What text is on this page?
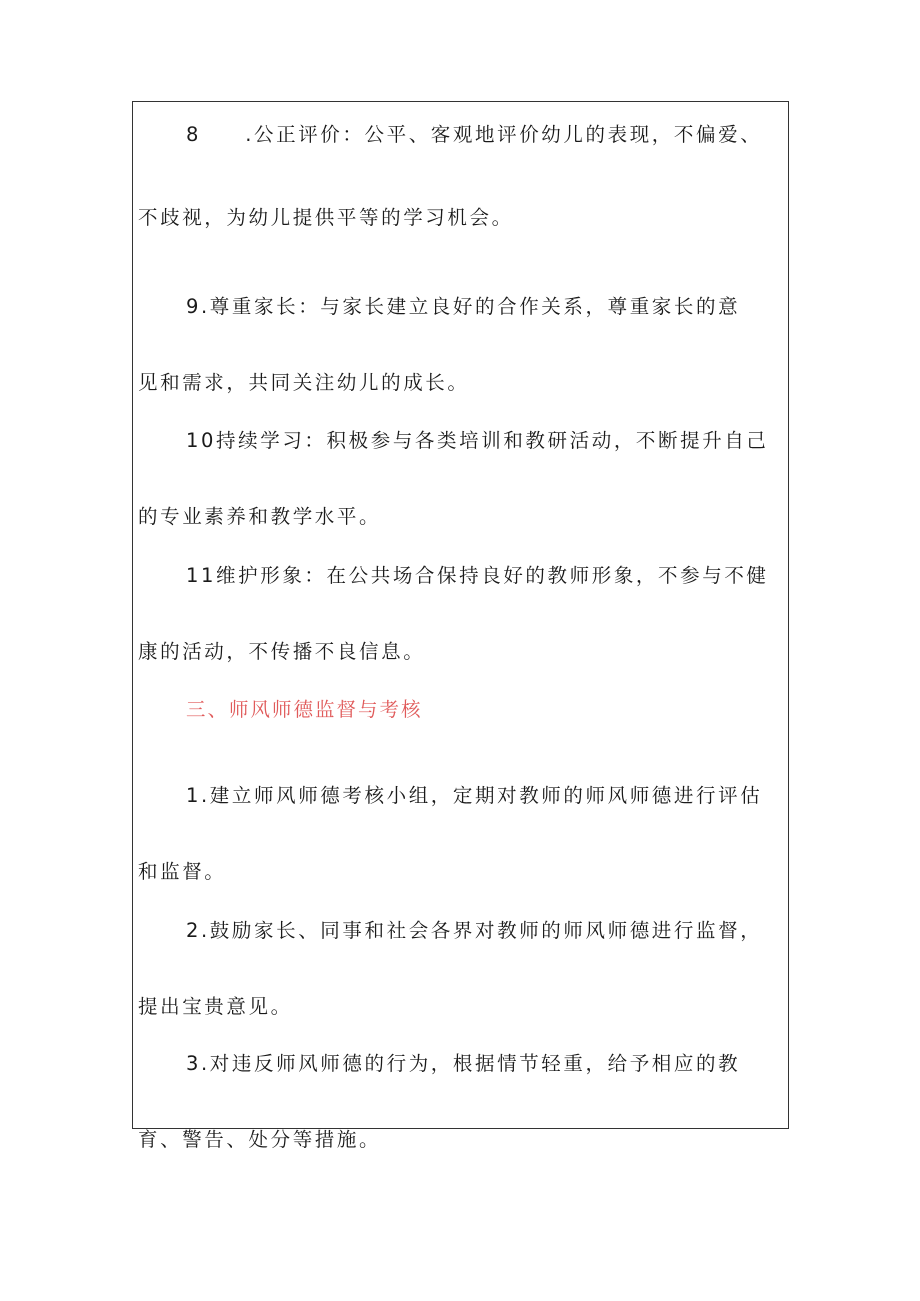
8　　.公正评价：公平、客观地评价幼儿的表现，不偏爱、
不歧视，为幼儿提供平等的学习机会。

9.尊重家长：与家长建立良好的合作关系，尊重家长的意
见和需求，共同关注幼儿的成长。

10持续学习：积极参与各类培训和教研活动，不断提升自己
的专业素养和教学水平。

11维护形象：在公共场合保持良好的教师形象，不参与不健
康的活动，不传播不良信息。

三、师风师德监督与考核

1.建立师风师德考核小组，定期对教师的师风师德进行评估
和监督。

2.鼓励家长、同事和社会各界对教师的师风师德进行监督，
提出宝贵意见。

3.对违反师风师德的行为，根据情节轻重，给予相应的教
育、警告、处分等措施。
